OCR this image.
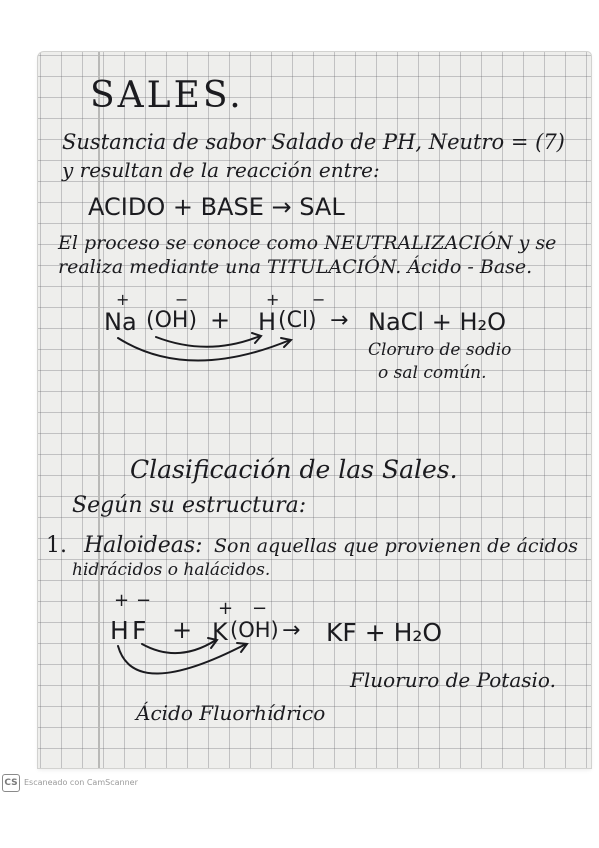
SALES.
Sustancia de sabor Salado de PH, Neutro = (7)
y resultan de la reacción entre:
ACIDO + BASE → SAL
El proceso se conoce como NEUTRALIZACIÓN y se
realiza mediante una TITULACIÓN. Ácido - Base.
+	−	+ −
Na (OH) + H (Cl) → NaCl + H₂O
Cloruro de sodio
o sal común.
Clasificación de las Sales.
Según su estructura:
1. Haloideas: Son aquellas que provienen de ácidos
hidrácidos o halácidos.
+ −	+ −
H F + K (OH) → KF + H₂O
Fluoruro de Potasio.
Ácido Fluorhídrico
CS Escaneado con CamScanner
